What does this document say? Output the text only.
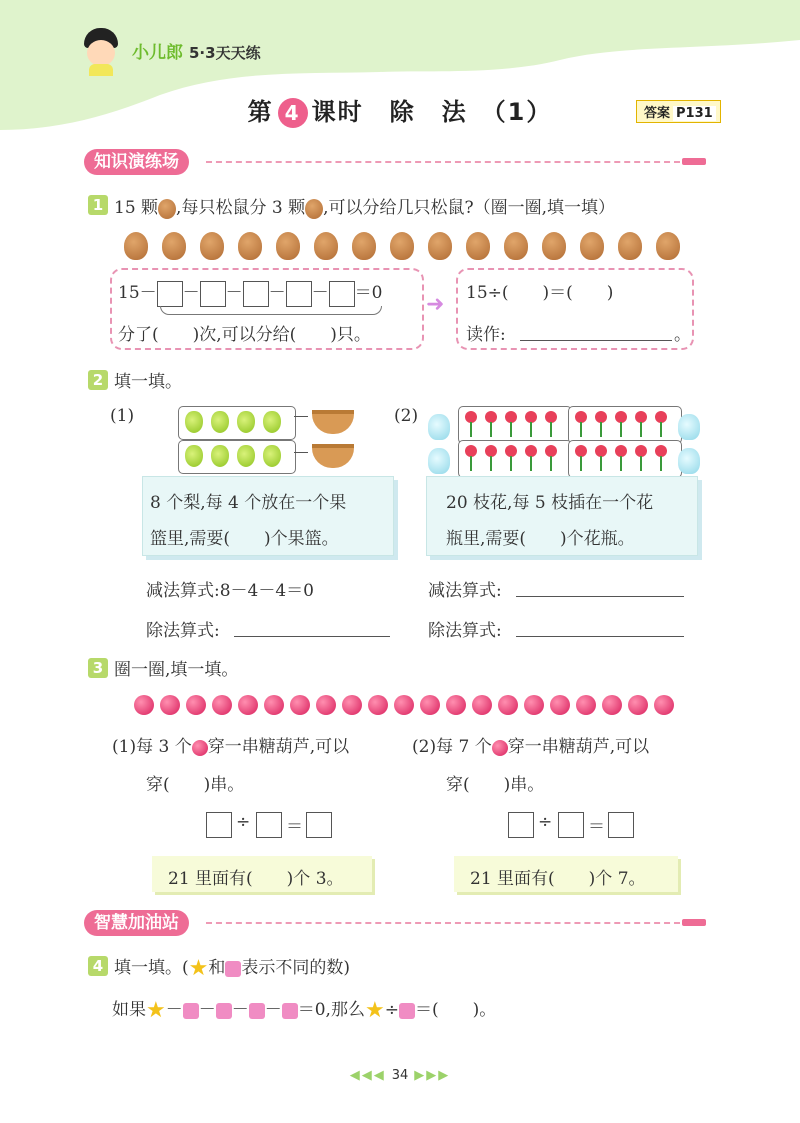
小儿郎 5·3天天练
第 4 课时　除　法　（1）	答案 P131
知识演练场
1 15 颗 ,每只松鼠分 3 颗 ,可以分给几只松鼠?（圈一圈,填一填）
15－ － － － － ＝0
分了(　　)次,可以分给(　　)只。
➜ 15÷(　　)＝(　　)
读作:	。
2 填一填。
(1)
8 个梨,每 4 个放在一个果
篮里,需要(　　)个果篮。
(2)
20 枝花,每 5 枝插在一个花
瓶里,需要(　　)个花瓶。
减法算式:8－4－4＝0
除法算式:
减法算式:
除法算式:
3 圈一圈,填一填。
(1)每 3 个 穿一串糖葫芦,可以
穿(　　)串。
(2)每 7 个 穿一串糖葫芦,可以
穿(　　)串。
÷ ＝	÷ ＝
21 里面有(　　)个 3。	21 里面有(　　)个 7。
智慧加油站
4 填一填。(★和 表示不同的数)
如果★－ － － － ＝0,那么★÷ ＝(　　)。
◀◀◀ 34 ▶▶▶
